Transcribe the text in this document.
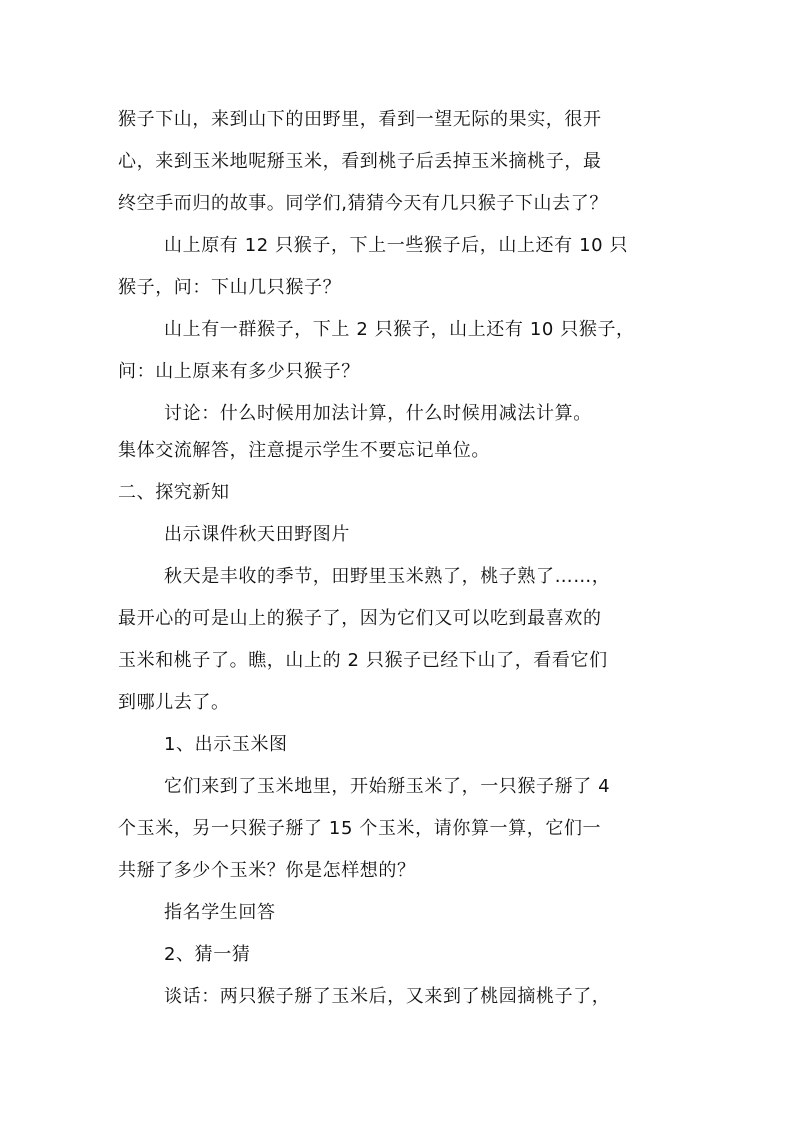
猴子下山，来到山下的田野里，看到一望无际的果实，很开
心，来到玉米地呢掰玉米，看到桃子后丢掉玉米摘桃子，最
终空手而归的故事。同学们,猜猜今天有几只猴子下山去了？
山上原有 12 只猴子，下上一些猴子后，山上还有 10 只
猴子，问：下山几只猴子？
山上有一群猴子，下上 2 只猴子，山上还有 10 只猴子，
问：山上原来有多少只猴子？
讨论：什么时候用加法计算，什么时候用减法计算。
集体交流解答，注意提示学生不要忘记单位。
二、探究新知
出示课件秋天田野图片
秋天是丰收的季节，田野里玉米熟了，桃子熟了……，
最开心的可是山上的猴子了，因为它们又可以吃到最喜欢的
玉米和桃子了。瞧，山上的 2 只猴子已经下山了，看看它们
到哪儿去了。
1、出示玉米图
它们来到了玉米地里，开始掰玉米了，一只猴子掰了 4
个玉米，另一只猴子掰了 15 个玉米，请你算一算，它们一
共掰了多少个玉米？你是怎样想的？
指名学生回答
2、猜一猜
谈话：两只猴子掰了玉米后，又来到了桃园摘桃子了，
